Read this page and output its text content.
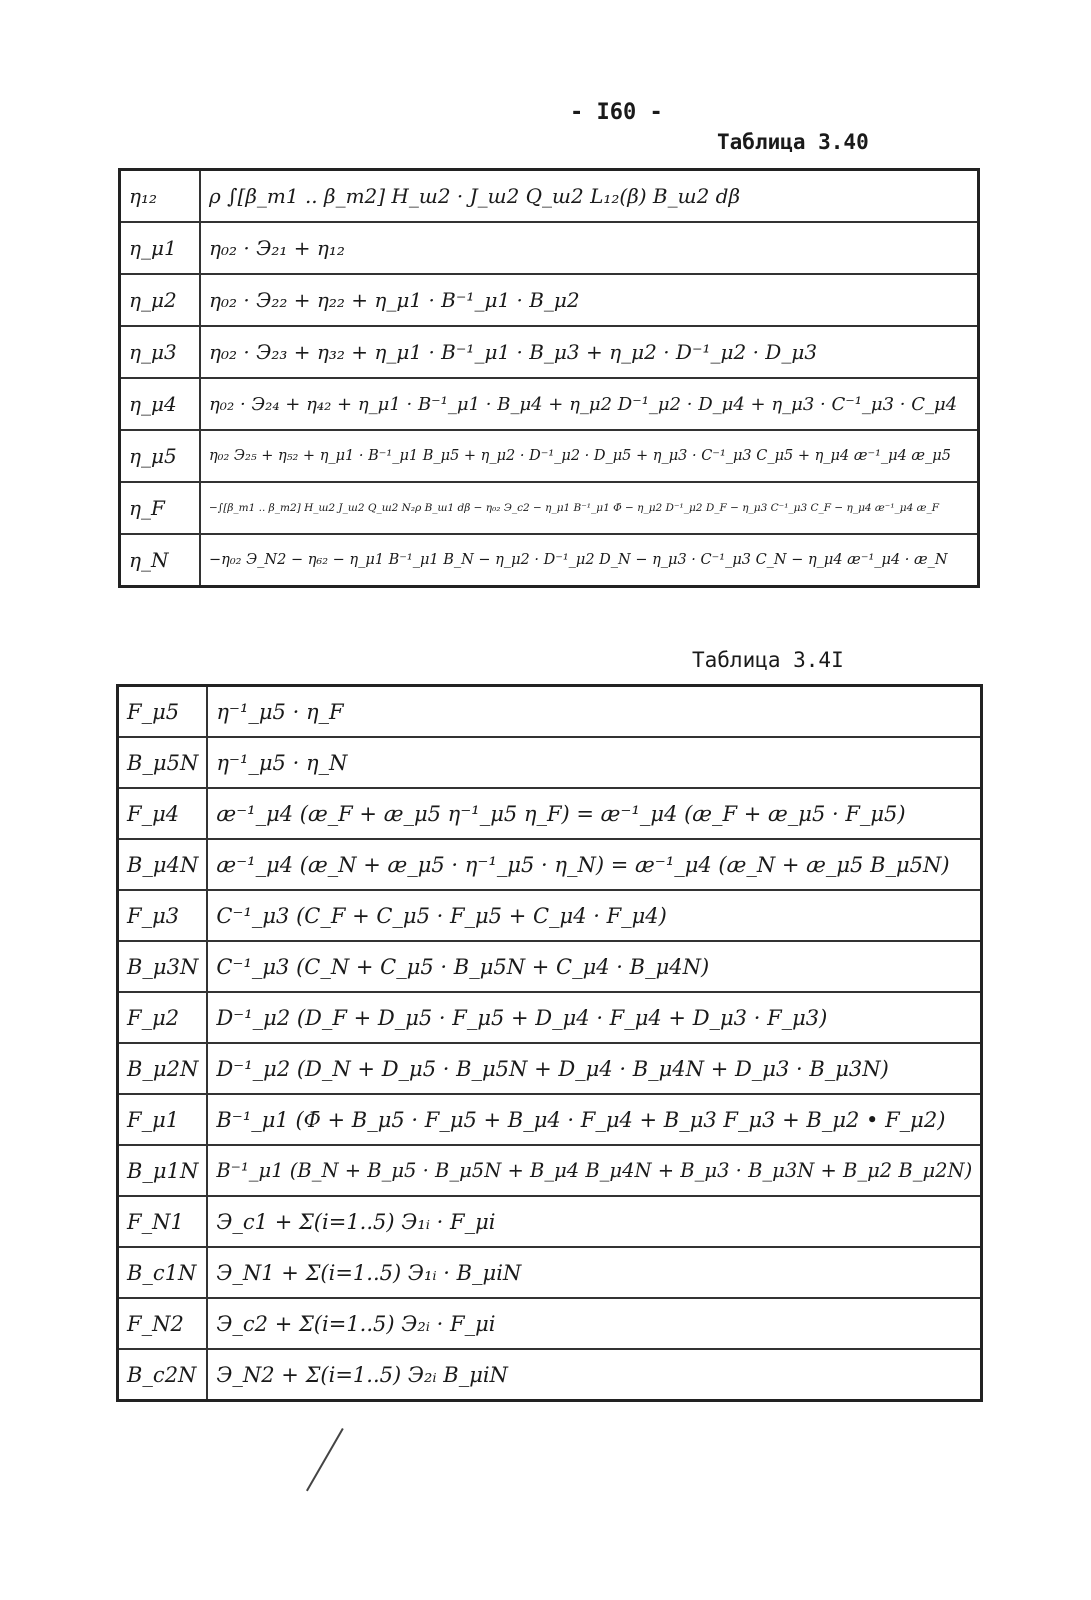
- I60 -
Таблица 3.40
η₁₂	ρ ∫[β_m1 .. β_m2] H_ш2 · J_ш2 Q_ш2 L₁₂(β) B_ш2 dβ
η_μ1	η₀₂ · Э₂₁ + η₁₂
η_μ2	η₀₂ · Э₂₂ + η₂₂ + η_μ1 · B⁻¹_μ1 · B_μ2
η_μ3	η₀₂ · Э₂₃ + η₃₂ + η_μ1 · B⁻¹_μ1 · B_μ3 + η_μ2 · D⁻¹_μ2 · D_μ3
η_μ4	η₀₂ · Э₂₄ + η₄₂ + η_μ1 · B⁻¹_μ1 · B_μ4 + η_μ2 D⁻¹_μ2 · D_μ4 + η_μ3 · C⁻¹_μ3 · C_μ4
η_μ5	η₀₂ Э₂₅ + η₅₂ + η_μ1 · B⁻¹_μ1 B_μ5 + η_μ2 · D⁻¹_μ2 · D_μ5 + η_μ3 · C⁻¹_μ3 C_μ5 + η_μ4 æ⁻¹_μ4 æ_μ5
η_F	−∫[β_m1 .. β_m2] H_ш2 J_ш2 Q_ш2 N₂ρ B_ш1 dβ − η₀₂ Э_c2 − η_μ1 B⁻¹_μ1 Φ̄ − η_μ2 D⁻¹_μ2 D_F − η_μ3 C⁻¹_μ3 C_F − η_μ4 æ⁻¹_μ4 æ_F
η_N	−η₀₂ Э_N2 − η₆₂ − η_μ1 B⁻¹_μ1 B_N − η_μ2 · D⁻¹_μ2 D_N − η_μ3 · C⁻¹_μ3 C_N − η_μ4 æ⁻¹_μ4 · æ_N
Таблица 3.4I
F_μ5	η⁻¹_μ5 · η_F
B_μ5N	η⁻¹_μ5 · η_N
F_μ4	æ⁻¹_μ4 (æ_F + æ_μ5 η⁻¹_μ5 η_F) = æ⁻¹_μ4 (æ_F + æ_μ5 · F_μ5)
B_μ4N	æ⁻¹_μ4 (æ_N + æ_μ5 · η⁻¹_μ5 · η_N) = æ⁻¹_μ4 (æ_N + æ_μ5 B_μ5N)
F_μ3	C⁻¹_μ3 (C_F + C_μ5 · F_μ5 + C_μ4 · F_μ4)
B_μ3N	C⁻¹_μ3 (C_N + C_μ5 · B_μ5N + C_μ4 · B_μ4N)
F_μ2	D⁻¹_μ2 (D_F + D_μ5 · F_μ5 + D_μ4 · F_μ4 + D_μ3 · F_μ3)
B_μ2N	D⁻¹_μ2 (D_N + D_μ5 · B_μ5N + D_μ4 · B_μ4N + D_μ3 · B_μ3N)
F_μ1	B⁻¹_μ1 (Φ̄ + B_μ5 · F_μ5 + B_μ4 · F_μ4 + B_μ3 F_μ3 + B_μ2 • F_μ2)
B_μ1N	B⁻¹_μ1 (B_N + B_μ5 · B_μ5N + B_μ4 B_μ4N + B_μ3 · B_μ3N + B_μ2 B_μ2N)
F_N1	Э_c1 + Σ(i=1..5) Э₁ᵢ · F_μi
B_c1N	Э_N1 + Σ(i=1..5) Э₁ᵢ · B_μiN
F_N2	Э_c2 + Σ(i=1..5) Э₂ᵢ · F_μi
B_c2N	Э_N2 + Σ(i=1..5) Э₂ᵢ B_μiN
